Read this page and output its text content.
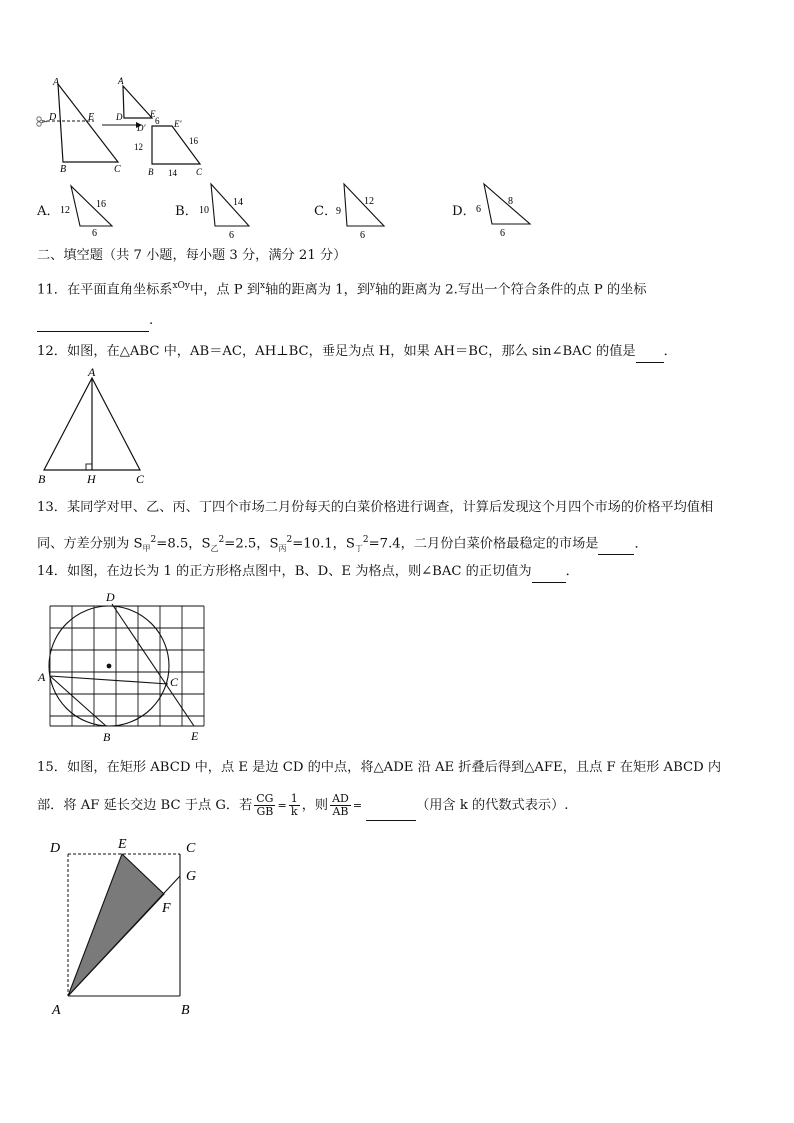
A
D	E
B	C
A
D	E
6
D'	E'
12
16
14
B	C
A． 12
16
6
B． 10
14
6
C．
9
12
6
D． 6
8
6
二、填空题（共 7 小题，每小题 3 分，满分 21 分）
11．在平面直角坐标系$^{xOy}$中，点 P 到$^x$轴的距离为 1，到$^y$轴的距离为 2.写出一个符合条件的点 P 的坐标
.
12．如图，在△ABC 中，AB＝AC，AH⊥BC，垂足为点 H，如果 AH＝BC，那么 sin∠BAC 的值是 ．
A
B	H	C
13．某同学对甲、乙、丙、丁四个市场二月份每天的白菜价格进行调查，计算后发现这个月四个市场的价格平均值相
同、方差分别为 $S_甲^2=8.5$，$S_乙^2=2.5$，$S_丙^2=10.1$，$S_丁^2=7.4$，二月份白菜价格最稳定的市场是	．
14．如图，在边长为 1 的正方形格点图中，B、D、E 为格点，则∠BAC 的正切值为	．
D
A	C
B	E
15．如图，在矩形 ABCD 中，点 E 是边 CD 的中点，将△ADE 沿 AE 折叠后得到△AFE，且点 F 在矩形 ABCD 内
部．将 AF 延长交边 BC 于点 G．若 $\frac{CG}{GB} = \frac{1}{k}$ ，则 $\frac{AD}{AB}$ =	（用含 k 的代数式表示）.
D	E	C
G
F
A	B
